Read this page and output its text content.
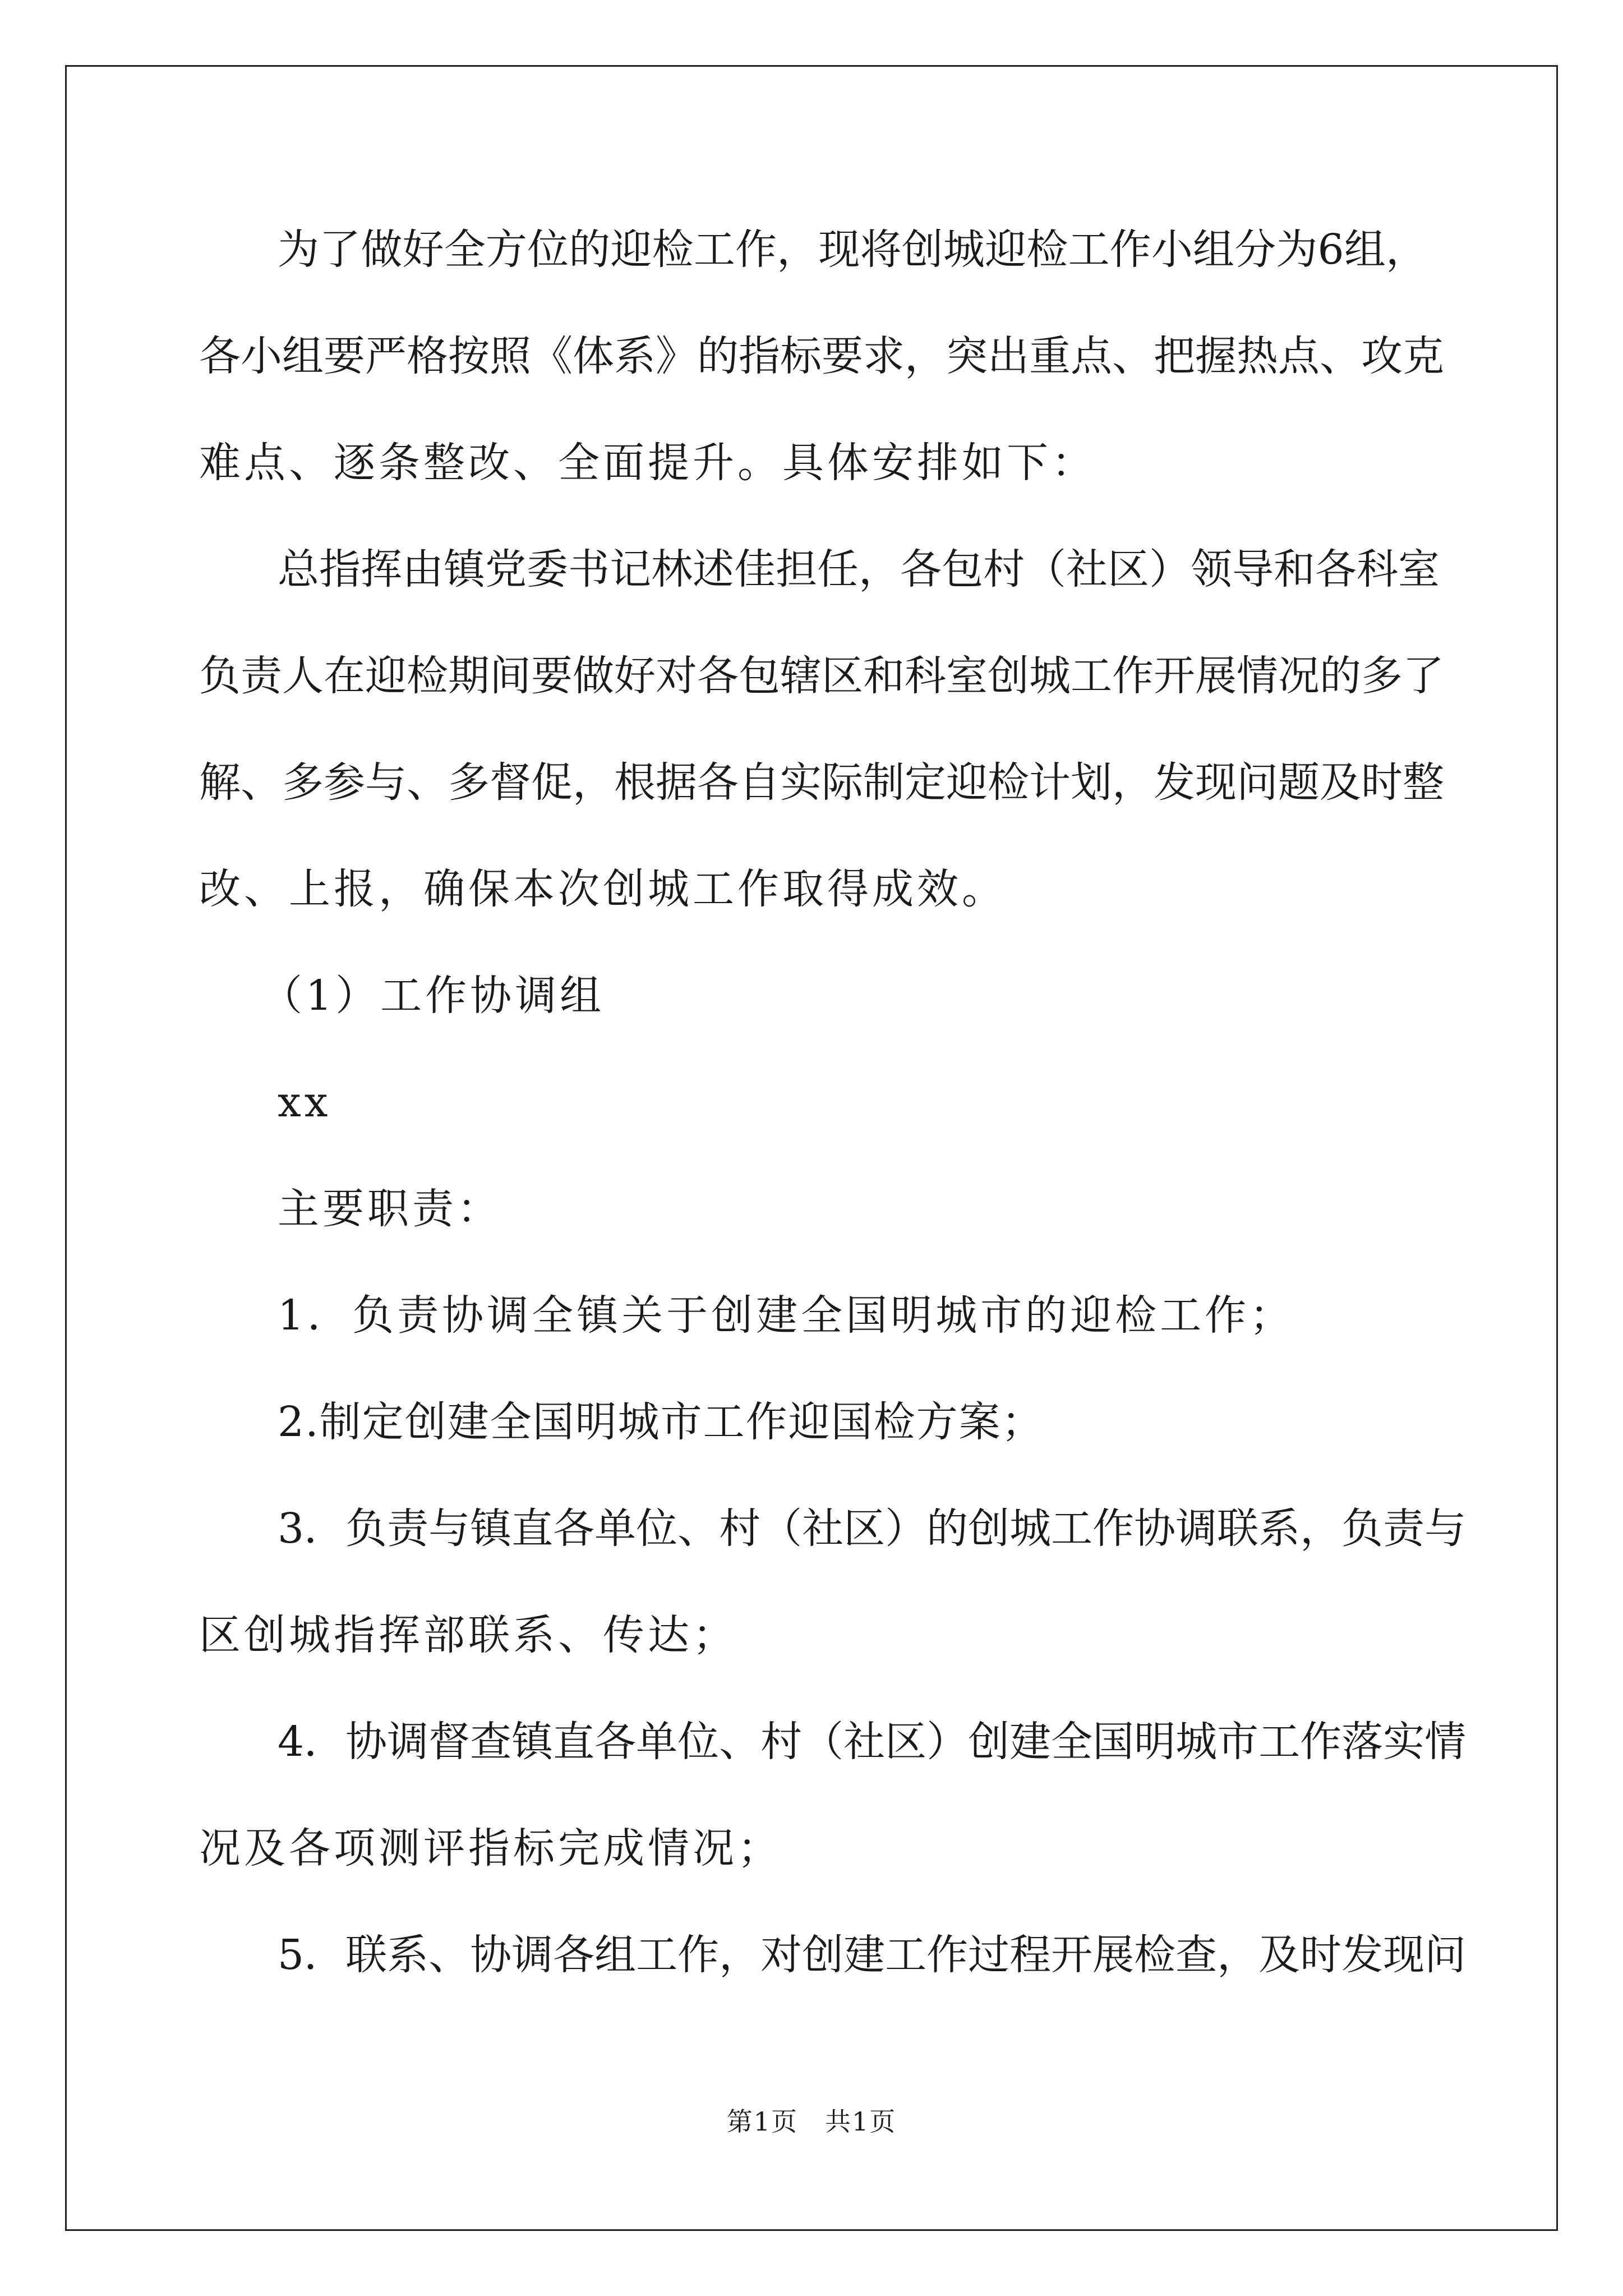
为了做好全方位的迎检工作，现将创城迎检工作小组分为6组，
各小组要严格按照《体系》的指标要求，突出重点、把握热点、攻克
难点、逐条整改、全面提升。具体安排如下：
总指挥由镇党委书记林述佳担任，各包村（社区）领导和各科室
负责人在迎检期间要做好对各包辖区和科室创城工作开展情况的多了
解、多参与、多督促，根据各自实际制定迎检计划，发现问题及时整
改、上报，确保本次创城工作取得成效。
（1）工作协调组
xx
主要职责：
1．负责协调全镇关于创建全国明城市的迎检工作；
2.制定创建全国明城市工作迎国检方案；
3．负责与镇直各单位、村（社区）的创城工作协调联系，负责与
区创城指挥部联系、传达；
4．协调督查镇直各单位、村（社区）创建全国明城市工作落实情
况及各项测评指标完成情况；
5．联系、协调各组工作，对创建工作过程开展检查，及时发现问
第1页　共1页
